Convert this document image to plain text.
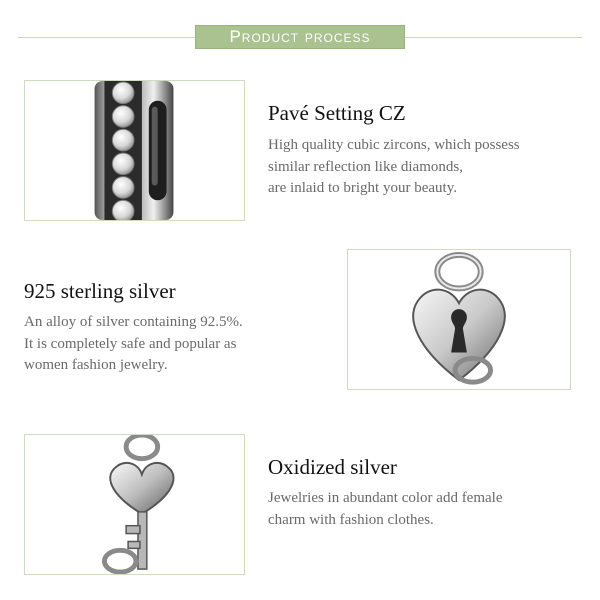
Product process
Pavé Setting CZ

High quality cubic zircons, which possess
similar reflection like diamonds,
are inlaid to bright your beauty.

925 sterling silver

An alloy of silver containing 92.5%.
It is completely safe and popular as
women fashion jewelry.

Oxidized silver

Jewelries in abundant color add female
charm with fashion clothes.
